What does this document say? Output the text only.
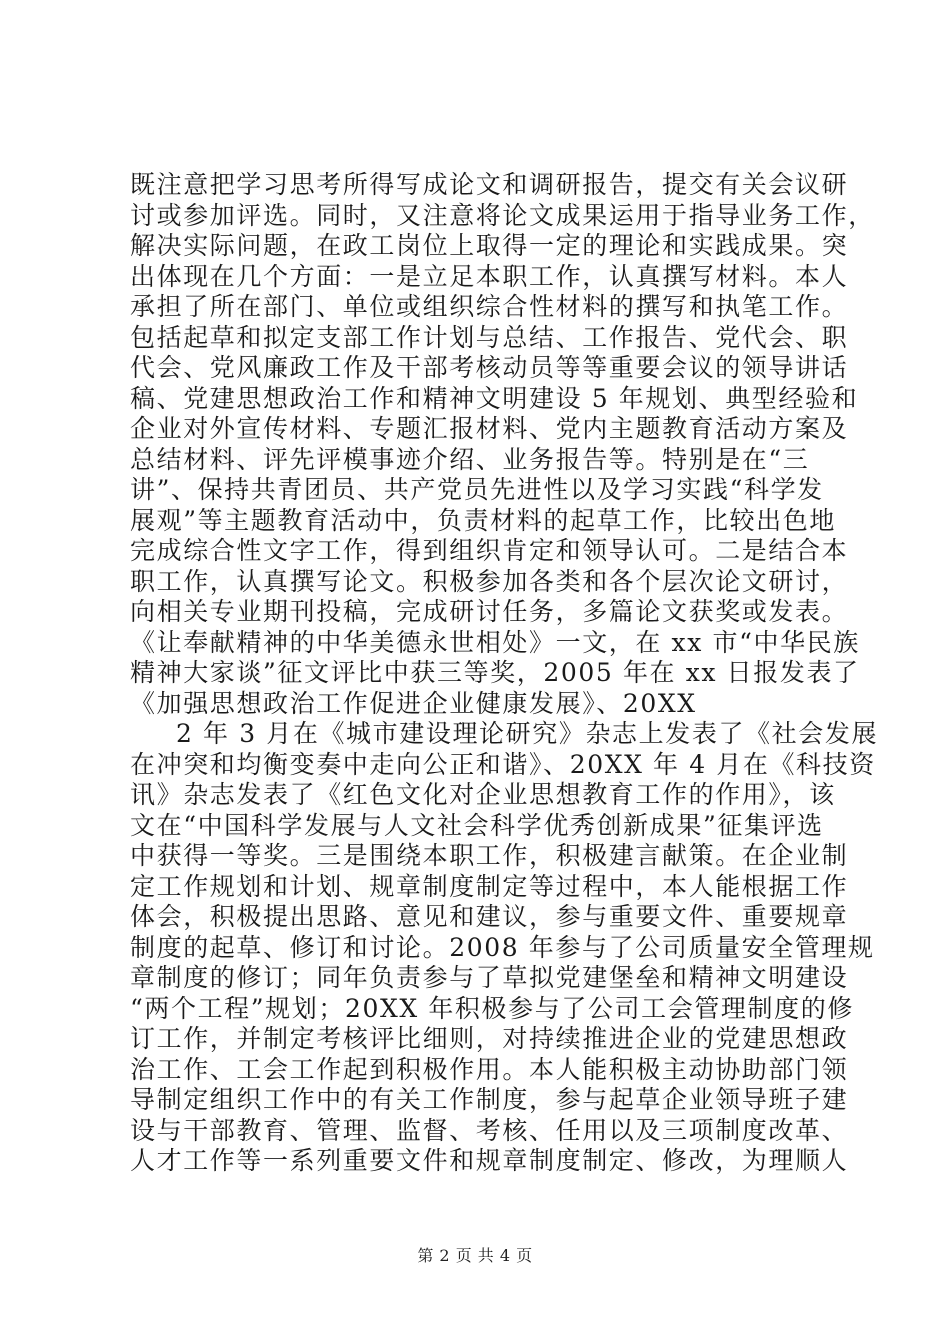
既注意把学习思考所得写成论文和调研报告，提交有关会议研
讨或参加评选。同时，又注意将论文成果运用于指导业务工作，
解决实际问题，在政工岗位上取得一定的理论和实践成果。突
出体现在几个方面：一是立足本职工作，认真撰写材料。本人
承担了所在部门、单位或组织综合性材料的撰写和执笔工作。
包括起草和拟定支部工作计划与总结、工作报告、党代会、职
代会、党风廉政工作及干部考核动员等等重要会议的领导讲话
稿、党建思想政治工作和精神文明建设 5 年规划、典型经验和
企业对外宣传材料、专题汇报材料、党内主题教育活动方案及
总结材料、评先评模事迹介绍、业务报告等。特别是在“三
讲”、保持共青团员、共产党员先进性以及学习实践“科学发
展观”等主题教育活动中，负责材料的起草工作，比较出色地
完成综合性文字工作，得到组织肯定和领导认可。二是结合本
职工作，认真撰写论文。积极参加各类和各个层次论文研讨，
向相关专业期刊投稿，完成研讨任务，多篇论文获奖或发表。
《让奉献精神的中华美德永世相处》一文，在 xx 市“中华民族
精神大家谈”征文评比中获三等奖，2005 年在 xx 日报发表了
《加强思想政治工作促进企业健康发展》、20XX
2 年 3 月在《城市建设理论研究》杂志上发表了《社会发展
在冲突和均衡变奏中走向公正和谐》、20XX 年 4 月在《科技资
讯》杂志发表了《红色文化对企业思想教育工作的作用》，该
文在“中国科学发展与人文社会科学优秀创新成果”征集评选
中获得一等奖。三是围绕本职工作，积极建言献策。在企业制
定工作规划和计划、规章制度制定等过程中，本人能根据工作
体会，积极提出思路、意见和建议，参与重要文件、重要规章
制度的起草、修订和讨论。2008 年参与了公司质量安全管理规
章制度的修订；同年负责参与了草拟党建堡垒和精神文明建设
“两个工程”规划；20XX 年积极参与了公司工会管理制度的修
订工作，并制定考核评比细则，对持续推进企业的党建思想政
治工作、工会工作起到积极作用。本人能积极主动协助部门领
导制定组织工作中的有关工作制度，参与起草企业领导班子建
设与干部教育、管理、监督、考核、任用以及三项制度改革、
人才工作等一系列重要文件和规章制度制定、修改，为理顺人
第 2 页 共 4 页
